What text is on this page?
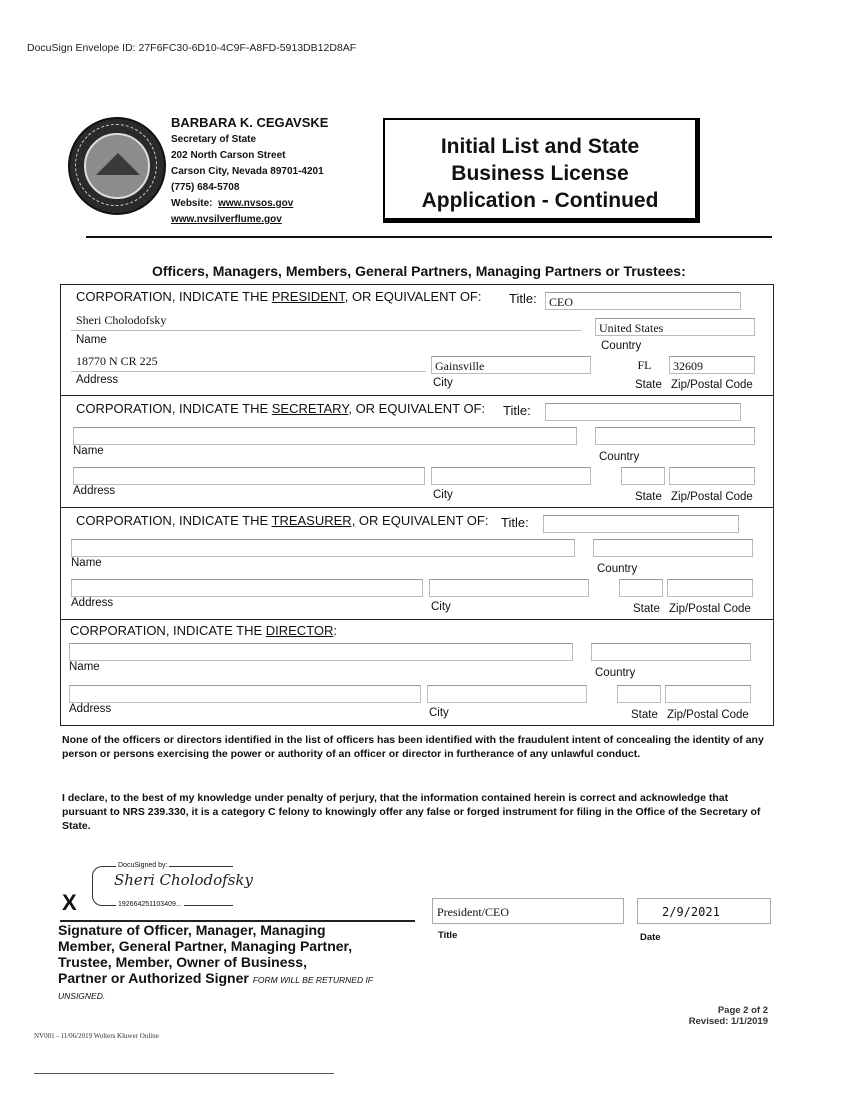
DocuSign Envelope ID: 27F6FC30-6D10-4C9F-A8FD-5913DB12D8AF
BARBARA K. CEGAVSKE
Secretary of State
202 North Carson Street
Carson City, Nevada 89701-4201
(775) 684-5708
Website: www.nvsos.gov
www.nvsilverflume.gov
Initial List and State
Business License
Application - Continued
Officers, Managers, Members, General Partners, Managing Partners or Trustees:
CORPORATION, INDICATE THE PRESIDENT, OR EQUIVALENT OF: Title:	CEO
Sheri Cholodofsky
Name
United States
Country
18770 N CR 225
Address
Gainsville
City
FL	32609
State Zip/Postal Code
CORPORATION, INDICATE THE SECRETARY, OR EQUIVALENT OF: Title:
Name	Country
Address	City	State Zip/Postal Code
CORPORATION, INDICATE THE TREASURER, OR EQUIVALENT OF: Title:
Name	Country
Address	City	State Zip/Postal Code
CORPORATION, INDICATE THE DIRECTOR:
Name	Country
Address	City	State Zip/Postal Code
None of the officers or directors identified in the list of officers has been identified with the fraudulent intent of concealing the identity of any person or persons exercising the power or authority of an officer or director in furtherance of any unlawful conduct.
I declare, to the best of my knowledge under penalty of perjury, that the information contained herein is correct and acknowledge that pursuant to NRS 239.330, it is a category C felony to knowingly offer any false or forged instrument for filing in the Office of the Secretary of State.
DocuSigned by:
Sheri Cholodofsky
192664251103409...
X
Signature of Officer, Manager, Managing
Member, General Partner, Managing Partner,
Trustee, Member, Owner of Business,
Partner or Authorized Signer FORM WILL BE RETURNED IF
UNSIGNED.
President/CEO
Title
2/9/2021
Date
Page 2 of 2
Revised: 1/1/2019
NV001 - 11/06/2019 Wolters Kluwer Online
